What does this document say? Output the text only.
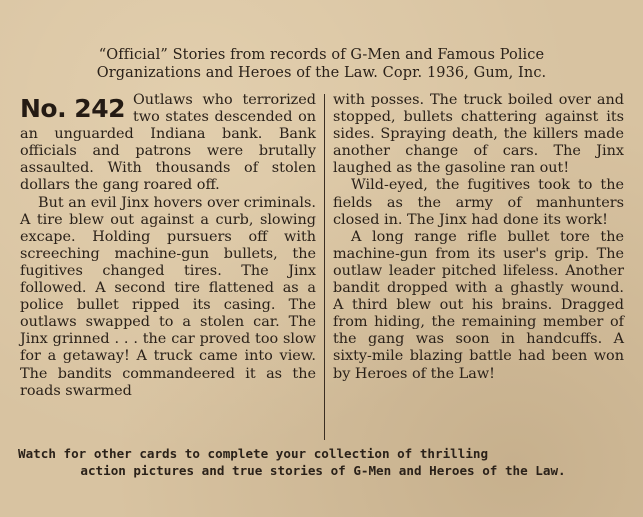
“Official” Stories from records of G-Men and Famous Police
Organizations and Heroes of the Law. Copr. 1936, Gum, Inc.
No. 242 Outlaws who terrorized two states descended on an unguarded Indiana bank. Bank officials and patrons were brutally assaulted. With thousands of stolen dollars the gang roared off.

But an evil Jinx hovers over criminals. A tire blew out against a curb, slowing excape. Holding pursuers off with screeching machine-gun bullets, the fugitives changed tires. The Jinx followed. A second tire flattened as a police bullet ripped its casing. The outlaws swapped to a stolen car. The Jinx grinned . . . the car proved too slow for a getaway! A truck came into view. The bandits commandeered it as the roads swarmed

with posses. The truck boiled over and stopped, bullets chattering against its sides. Spraying death, the killers made another change of cars. The Jinx laughed as the gasoline ran out!

Wild-eyed, the fugitives took to the fields as the army of manhunters closed in. The Jinx had done its work!

A long range rifle bullet tore the machine-gun from its user's grip. The outlaw leader pitched lifeless. Another bandit dropped with a ghastly wound. A third blew out his brains. Dragged from hiding, the remaining member of the gang was soon in handcuffs. A sixty-mile blazing battle had been won by Heroes of the Law!

Watch for other cards to complete your collection of thrilling
action pictures and true stories of G-Men and Heroes of the Law.
